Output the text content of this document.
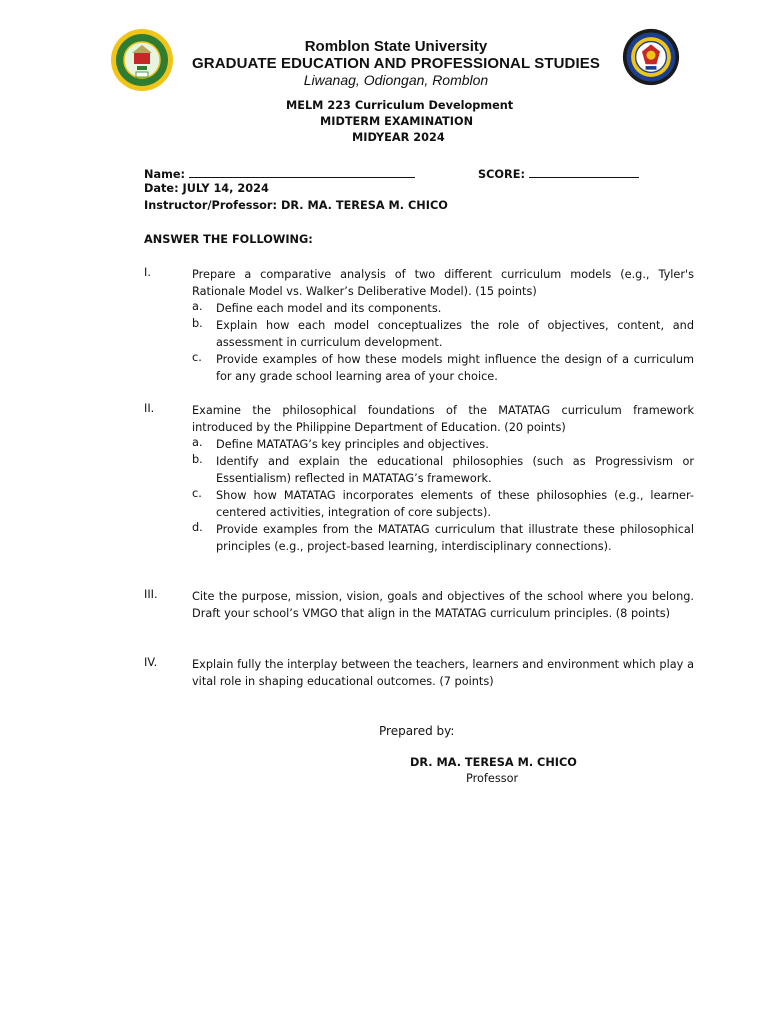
Romblon State University
GRADUATE EDUCATION AND PROFESSIONAL STUDIES
Liwanag, Odiongan, Romblon
MELM 223 Curriculum Development
MIDTERM EXAMINATION
MIDYEAR 2024
Name:	SCORE:
Date: JULY 14, 2024
Instructor/Professor: DR. MA. TERESA M. CHICO
ANSWER THE FOLLOWING:
I.	Prepare a comparative analysis of two different curriculum models (e.g., Tyler's Rationale Model vs. Walker’s Deliberative Model). (15 points)
a. Define each model and its components.
b. Explain how each model conceptualizes the role of objectives, content, and assessment in curriculum development.
c. Provide examples of how these models might influence the design of a curriculum for any grade school learning area of your choice.
II.	Examine the philosophical foundations of the MATATAG curriculum framework introduced by the Philippine Department of Education. (20 points)
a. Define MATATAG’s key principles and objectives.
b. Identify and explain the educational philosophies (such as Progressivism or Essentialism) reflected in MATATAG’s framework.
c. Show how MATATAG incorporates elements of these philosophies (e.g., learner-centered activities, integration of core subjects).
d. Provide examples from the MATATAG curriculum that illustrate these philosophical principles (e.g., project-based learning, interdisciplinary connections).
III.	Cite the purpose, mission, vision, goals and objectives of the school where you belong. Draft your school’s VMGO that align in the MATATAG curriculum principles. (8 points)
IV.	Explain fully the interplay between the teachers, learners and environment which play a vital role in shaping educational outcomes. (7 points)
Prepared by:
DR. MA. TERESA M. CHICO
Professor
